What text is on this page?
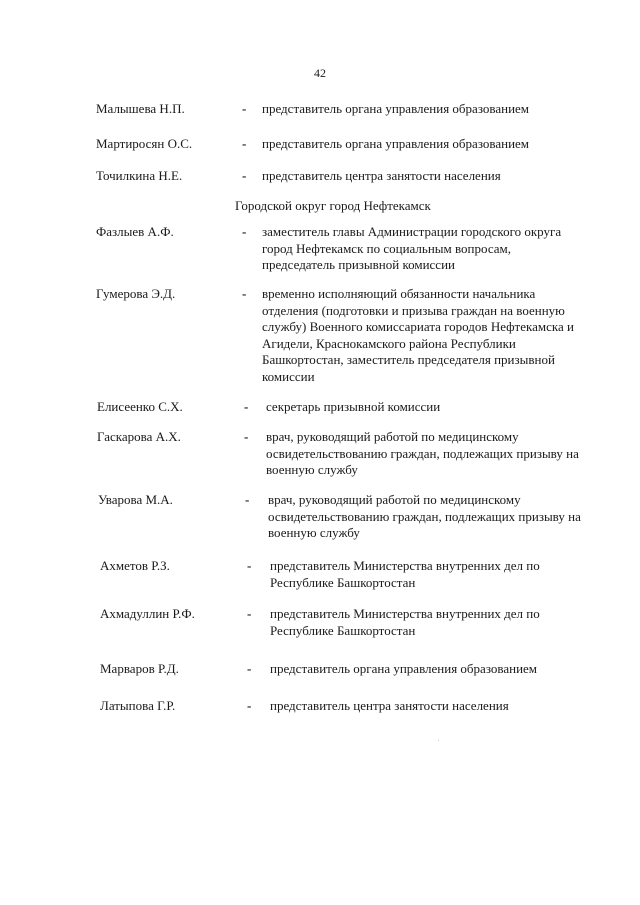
42
Малышева Н.П.	- представитель органа управления образованием
Мартиросян О.С.	- представитель органа управления образованием
Точилкина Н.Е.	- представитель центра занятости населения
Городской округ город Нефтекамск
Фазлыев А.Ф.	- заместитель главы Администрации городского округа город Нефтекамск по социальным вопросам, председатель призывной комиссии
Гумерова Э.Д.	- временно исполняющий обязанности начальника отделения (подготовки и призыва граждан на военную службу) Военного комиссариата городов Нефтекамска и Агидели, Краснокамского района Республики Башкортостан, заместитель председателя призывной комиссии
Елисеенко С.Х.	- секретарь призывной комиссии
Гаскарова А.Х.	- врач, руководящий работой по медицинскому освидетельствованию граждан, подлежащих призыву на военную службу
Уварова М.А.	- врач, руководящий работой по медицинскому освидетельствованию граждан, подлежащих призыву на военную службу
Ахметов Р.З.	- представитель Министерства внутренних дел по Республике Башкортостан
Ахмадуллин Р.Ф.	- представитель Министерства внутренних дел по Республике Башкортостан
Марваров Р.Д.	- представитель органа управления образованием
Латыпова Г.Р.	- представитель центра занятости населения
